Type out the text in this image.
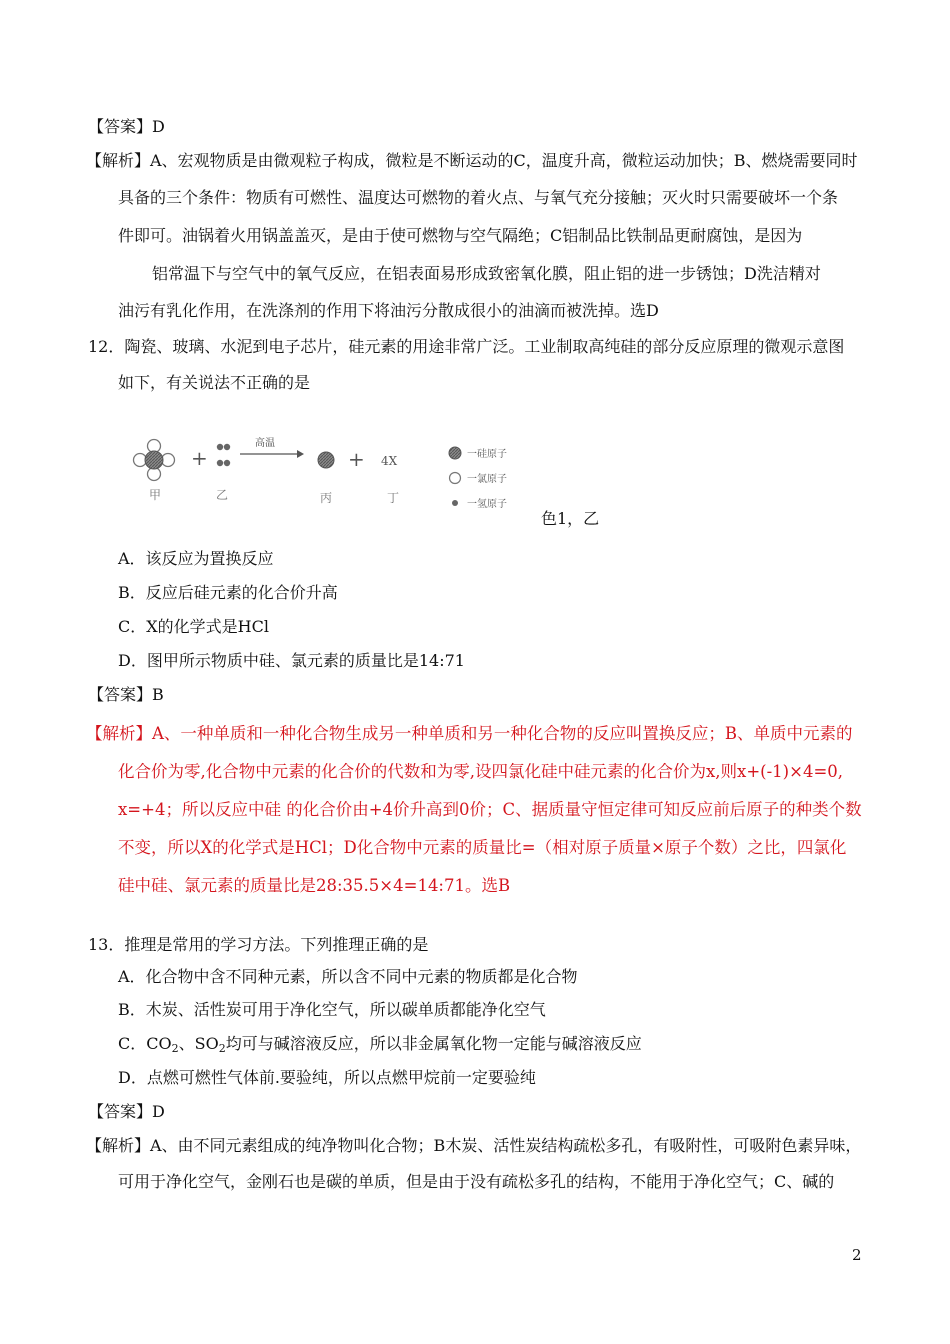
【答案】D
【解析】A、宏观物质是由微观粒子构成，微粒是不断运动的C，温度升高，微粒运动加快；B、燃烧需要同时
具备的三个条件：物质有可燃性、温度达可燃物的着火点、与氧气充分接触；灭火时只需要破坏一个条
件即可。油锅着火用锅盖盖灭，是由于使可燃物与空气隔绝；C铝制品比铁制品更耐腐蚀，是因为
铝常温下与空气中的氧气反应，在铝表面易形成致密氧化膜，阻止铝的进一步锈蚀；D洗洁精对
油污有乳化作用，在洗涤剂的作用下将油污分散成很小的油滴而被洗掉。选D
12．陶瓷、玻璃、水泥到电子芯片，硅元素的用途非常广泛。工业制取高纯硅的部分反应原理的微观示意图
如下，有关说法不正确的是
+
高温
+ 4X
甲	乙	丙	丁
一硅原子
一氯原子
一氢原子
色1，乙
A．该反应为置换反应
B．反应后硅元素的化合价升高
C．X的化学式是HCl
D．图甲所示物质中硅、氯元素的质量比是14:71
【答案】B
【解析】A、一种单质和一种化合物生成另一种单质和另一种化合物的反应叫置换反应；B、单质中元素的
化合价为零,化合物中元素的化合价的代数和为零,设四氯化硅中硅元素的化合价为x,则x+(-1)×4=0,
x=+4；所以反应中硅 的化合价由+4价升高到0价；C、据质量守恒定律可知反应前后原子的种类个数
不变，所以X的化学式是HCl；D化合物中元素的质量比=（相对原子质量×原子个数）之比，四氯化
硅中硅、氯元素的质量比是28:35.5×4=14:71。选B
13．推理是常用的学习方法。下列推理正确的是
A．化合物中含不同种元素，所以含不同中元素的物质都是化合物
B．木炭、活性炭可用于净化空气，所以碳单质都能净化空气
C．$CO_2$、$SO_2$均可与碱溶液反应，所以非金属氧化物一定能与碱溶液反应
D．点燃可燃性气体前.要验纯，所以点燃甲烷前一定要验纯
【答案】D
【解析】A、由不同元素组成的纯净物叫化合物；B木炭、活性炭结构疏松多孔，有吸附性，可吸附色素异味，
可用于净化空气，金刚石也是碳的单质，但是由于没有疏松多孔的结构，不能用于净化空气；C、碱的
2
